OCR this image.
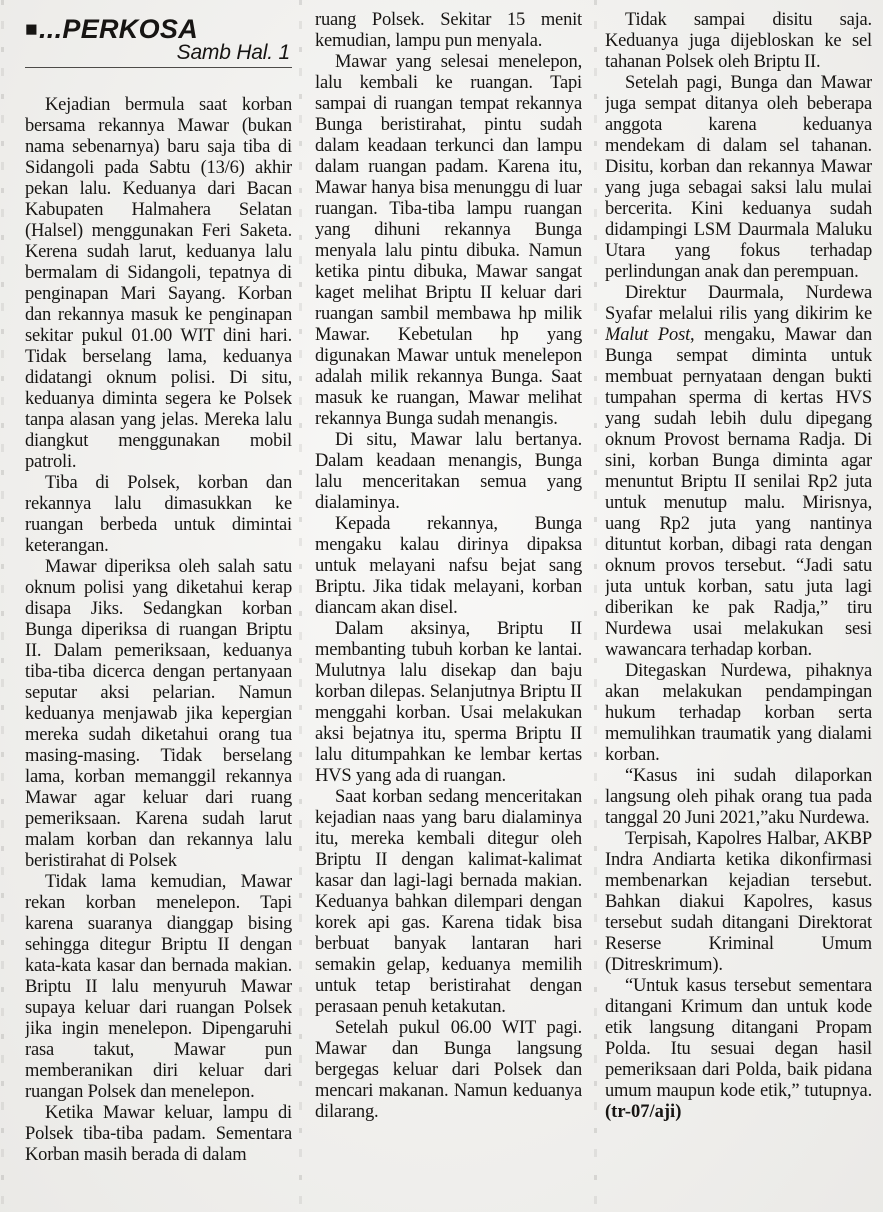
■...PERKOSA
Samb Hal. 1

Kejadian bermula saat korban bersama rekannya Mawar (bukan nama sebenarnya) baru saja tiba di Sidangoli pada Sabtu (13/6) akhir pekan lalu. Keduanya dari Bacan Kabupaten Halmahera Selatan (Halsel) menggunakan Feri Saketa. Kerena sudah larut, keduanya lalu bermalam di Sidangoli, tepatnya di penginapan Mari Sayang. Korban dan rekannya masuk ke penginapan sekitar pukul 01.00 WIT dini hari. Tidak berselang lama, keduanya didatangi oknum polisi. Di situ, keduanya diminta segera ke Polsek tanpa alasan yang jelas. Mereka lalu diangkut menggunakan mobil patroli.

Tiba di Polsek, korban dan rekannya lalu dimasukkan ke ruangan berbeda untuk dimintai keterangan.

Mawar diperiksa oleh salah satu oknum polisi yang diketahui kerap disapa Jiks. Sedangkan korban Bunga diperiksa di ruangan Briptu II. Dalam pemeriksaan, keduanya tiba-tiba dicerca dengan pertanyaan seputar aksi pelarian. Namun keduanya menjawab jika kepergian mereka sudah diketahui orang tua masing-masing. Tidak berselang lama, korban memanggil rekannya Mawar agar keluar dari ruang pemeriksaan. Karena sudah larut malam korban dan rekannya lalu beristirahat di Polsek

Tidak lama kemudian, Mawar rekan korban menelepon. Tapi karena suaranya dianggap bising sehingga ditegur Briptu II dengan kata-kata kasar dan bernada makian. Briptu II lalu menyuruh Mawar supaya keluar dari ruangan Polsek jika ingin menelepon. Dipengaruhi rasa takut, Mawar pun memberanikan diri keluar dari ruangan Polsek dan menelepon.

Ketika Mawar keluar, lampu di Polsek tiba-tiba padam. Sementara Korban masih berada di dalam

ruang Polsek. Sekitar 15 menit kemudian, lampu pun menyala.

Mawar yang selesai menelepon, lalu kembali ke ruangan. Tapi sampai di ruangan tempat rekannya Bunga beristirahat, pintu sudah dalam keadaan terkunci dan lampu dalam ruangan padam. Karena itu, Mawar hanya bisa menunggu di luar ruangan. Tiba-tiba lampu ruangan yang dihuni rekannya Bunga menyala lalu pintu dibuka. Namun ketika pintu dibuka, Mawar sangat kaget melihat Briptu II keluar dari ruangan sambil membawa hp milik Mawar. Kebetulan hp yang digunakan Mawar untuk menelepon adalah milik rekannya Bunga. Saat masuk ke ruangan, Mawar melihat rekannya Bunga sudah menangis.

Di situ, Mawar lalu bertanya. Dalam keadaan menangis, Bunga lalu menceritakan semua yang dialaminya.

Kepada rekannya, Bunga mengaku kalau dirinya dipaksa untuk melayani nafsu bejat sang Briptu. Jika tidak melayani, korban diancam akan disel.

Dalam aksinya, Briptu II membanting tubuh korban ke lantai. Mulutnya lalu disekap dan baju korban dilepas. Selanjutnya Briptu II menggahi korban. Usai melakukan aksi bejatnya itu, sperma Briptu II lalu ditumpahkan ke lembar kertas HVS yang ada di ruangan.

Saat korban sedang menceritakan kejadian naas yang baru dialaminya itu, mereka kembali ditegur oleh Briptu II dengan kalimat-kalimat kasar dan lagi-lagi bernada makian. Keduanya bahkan dilempari dengan korek api gas. Karena tidak bisa berbuat banyak lantaran hari semakin gelap, keduanya memilih untuk tetap beristirahat dengan perasaan penuh ketakutan.

Setelah pukul 06.00 WIT pagi. Mawar dan Bunga langsung bergegas keluar dari Polsek dan mencari makanan. Namun keduanya dilarang.

Tidak sampai disitu saja. Keduanya juga dijebloskan ke sel tahanan Polsek oleh Briptu II.

Setelah pagi, Bunga dan Mawar juga sempat ditanya oleh beberapa anggota karena keduanya mendekam di dalam sel tahanan. Disitu, korban dan rekannya Mawar yang juga sebagai saksi lalu mulai bercerita. Kini keduanya sudah didampingi LSM Daurmala Maluku Utara yang fokus terhadap perlindungan anak dan perempuan.

Direktur Daurmala, Nurdewa Syafar melalui rilis yang dikirim ke Malut Post, mengaku, Mawar dan Bunga sempat diminta untuk membuat pernyataan dengan bukti tumpahan sperma di kertas HVS yang sudah lebih dulu dipegang oknum Provost bernama Radja. Di sini, korban Bunga diminta agar menuntut Briptu II senilai Rp2 juta untuk menutup malu. Mirisnya, uang Rp2 juta yang nantinya dituntut korban, dibagi rata dengan oknum provos tersebut. “Jadi satu juta untuk korban, satu juta lagi diberikan ke pak Radja,” tiru Nurdewa usai melakukan sesi wawancara terhadap korban.

Ditegaskan Nurdewa, pihaknya akan melakukan pendampingan hukum terhadap korban serta memulihkan traumatik yang dialami korban.

“Kasus ini sudah dilaporkan langsung oleh pihak orang tua pada tanggal 20 Juni 2021,”aku Nurdewa.

Terpisah, Kapolres Halbar, AKBP Indra Andiarta ketika dikonfirmasi membenarkan kejadian tersebut. Bahkan diakui Kapolres, kasus tersebut sudah ditangani Direktorat Reserse Kriminal Umum (Ditreskrimum).

“Untuk kasus tersebut sementara ditangani Krimum dan untuk kode etik langsung ditangani Propam Polda. Itu sesuai degan hasil pemeriksaan dari Polda, baik pidana umum maupun kode etik,” tutupnya. (tr-07/aji)
